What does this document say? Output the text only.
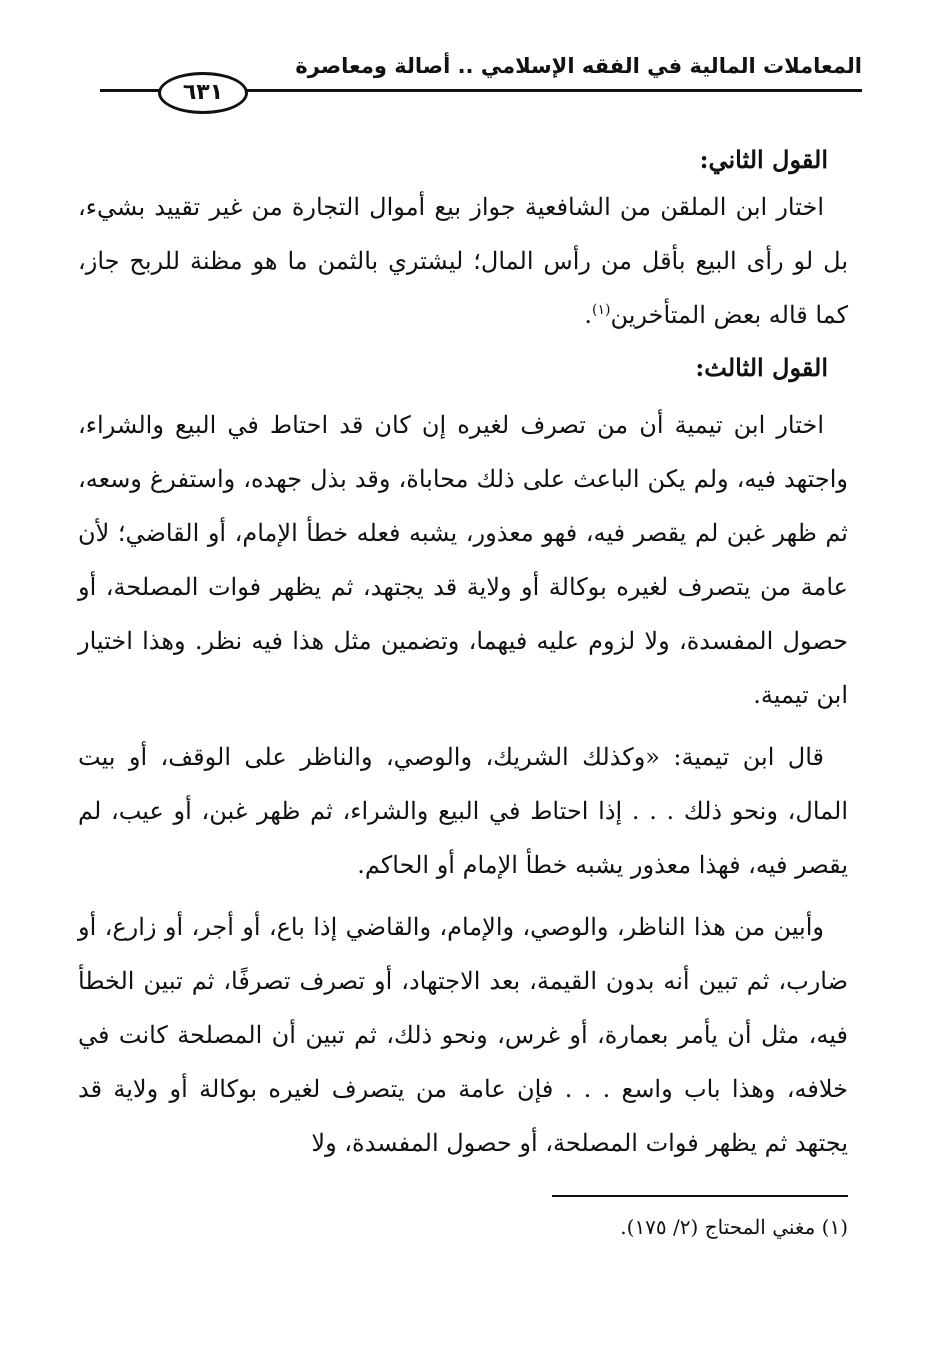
المعاملات المالية في الفقه الإسلامي .. أصالة ومعاصرة
٦٣١
القول الثاني:

اختار ابن الملقن من الشافعية جواز بيع أموال التجارة من غير تقييد بشيء، بل لو رأى البيع بأقل من رأس المال؛ ليشتري بالثمن ما هو مظنة للربح جاز، كما قاله بعض المتأخرين$^{(١)}$.

القول الثالث:

اختار ابن تيمية أن من تصرف لغيره إن كان قد احتاط في البيع والشراء، واجتهد فيه، ولم يكن الباعث على ذلك محاباة، وقد بذل جهده، واستفرغ وسعه، ثم ظهر غبن لم يقصر فيه، فهو معذور، يشبه فعله خطأ الإمام، أو القاضي؛ لأن عامة من يتصرف لغيره بوكالة أو ولاية قد يجتهد، ثم يظهر فوات المصلحة، أو حصول المفسدة، ولا لزوم عليه فيهما، وتضمين مثل هذا فيه نظر. وهذا اختيار ابن تيمية.

قال ابن تيمية: «وكذلك الشريك، والوصي، والناظر على الوقف، أو بيت المال، ونحو ذلك . . . إذا احتاط في البيع والشراء، ثم ظهر غبن، أو عيب، لم يقصر فيه، فهذا معذور يشبه خطأ الإمام أو الحاكم.

وأبين من هذا الناظر، والوصي، والإمام، والقاضي إذا باع، أو أجر، أو زارع، أو ضارب، ثم تبين أنه بدون القيمة، بعد الاجتهاد، أو تصرف تصرفًا، ثم تبين الخطأ فيه، مثل أن يأمر بعمارة، أو غرس، ونحو ذلك، ثم تبين أن المصلحة كانت في خلافه، وهذا باب واسع . . . فإن عامة من يتصرف لغيره بوكالة أو ولاية قد يجتهد ثم يظهر فوات المصلحة، أو حصول المفسدة، ولا

(١) مغني المحتاج (٢/ ١٧٥).
